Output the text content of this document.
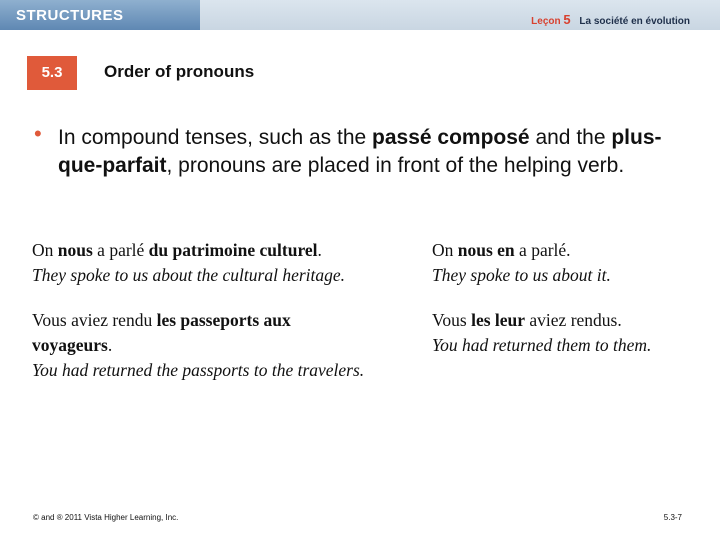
STRUCTURES	Leçon 5 La société en évolution
5.3	Order of pronouns
• In compound tenses, such as the passé composé and the plus-que-parfait, pronouns are placed in front of the helping verb.
On nous a parlé du patrimoine culturel.
They spoke to us about the cultural heritage.
On nous en a parlé.
They spoke to us about it.
Vous aviez rendu les passeports aux voyageurs.
You had returned the passports to the travelers.
Vous les leur aviez rendus.
You had returned them to them.
© and ® 2011 Vista Higher Learning, Inc.	5.3-7
